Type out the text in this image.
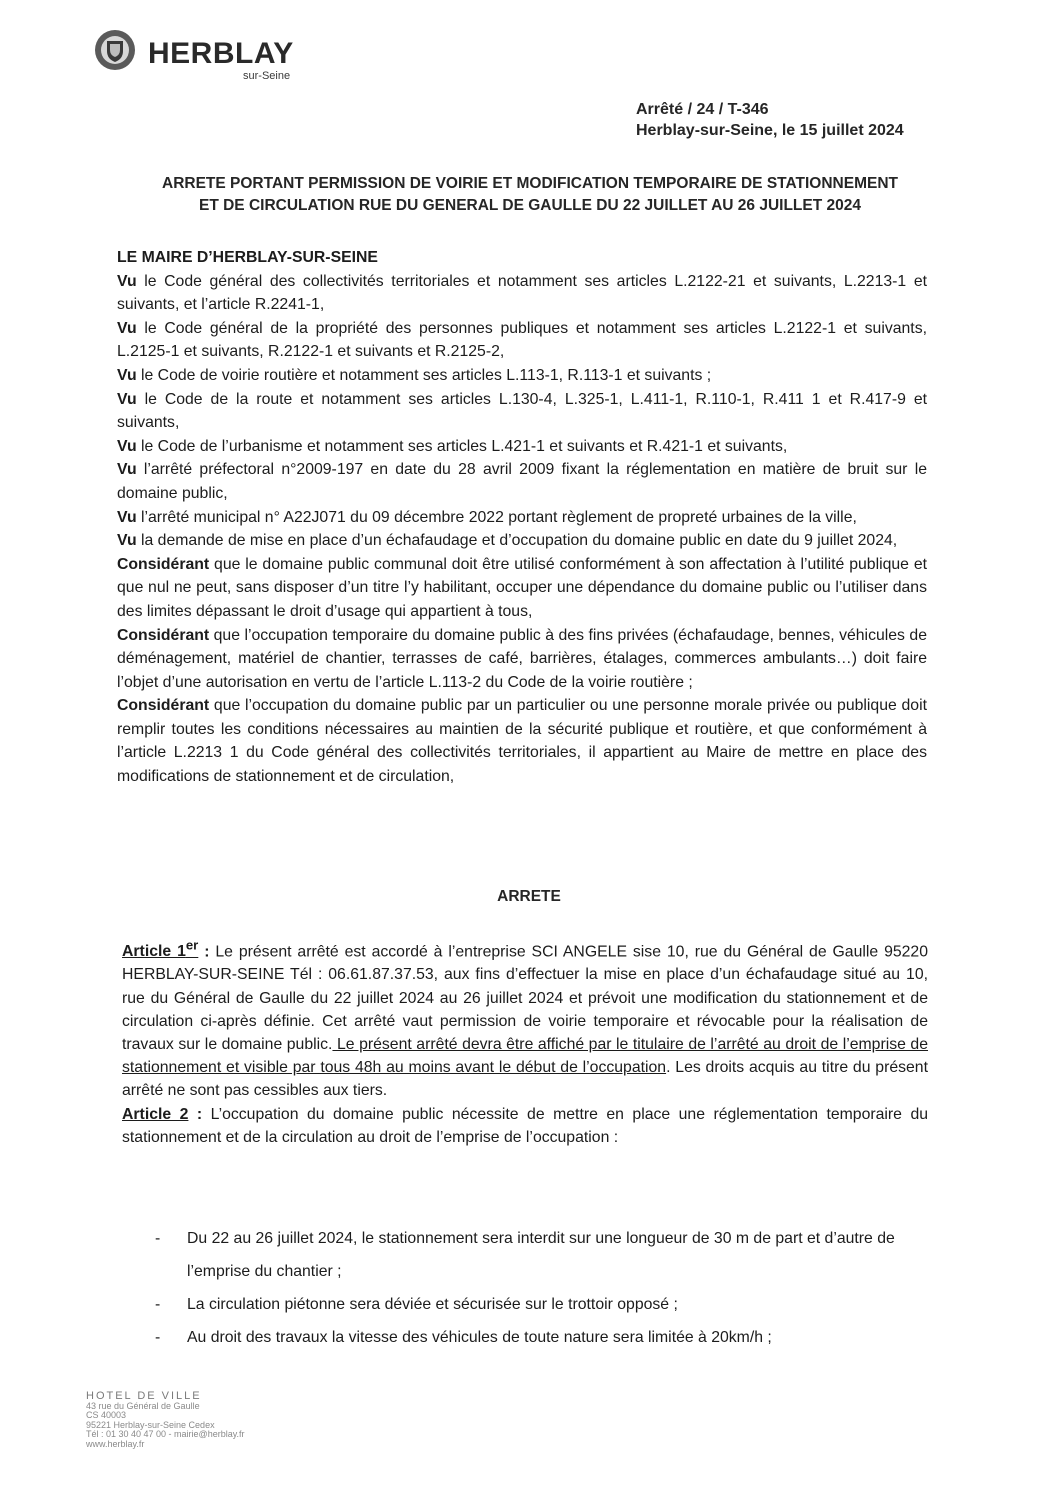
HERBLAY
sur-Seine
Arrêté / 24 / T-346
Herblay-sur-Seine, le 15 juillet 2024
ARRETE PORTANT PERMISSION DE VOIRIE ET MODIFICATION TEMPORAIRE DE STATIONNEMENT
ET DE CIRCULATION RUE DU GENERAL DE GAULLE DU 22 JUILLET AU 26 JUILLET 2024

LE MAIRE D’HERBLAY-SUR-SEINE

Vu le Code général des collectivités territoriales et notamment ses articles L.2122-21 et suivants, L.2213-1 et suivants, et l’article R.2241-1,

Vu le Code général de la propriété des personnes publiques et notamment ses articles L.2122-1 et suivants, L.2125-1 et suivants, R.2122-1 et suivants et R.2125-2,

Vu le Code de voirie routière et notamment ses articles L.113-1, R.113-1 et suivants ;

Vu le Code de la route et notamment ses articles L.130-4, L.325-1, L.411-1, R.110-1, R.411 1 et R.417-9 et suivants,

Vu le Code de l’urbanisme et notamment ses articles L.421-1 et suivants et R.421-1 et suivants,

Vu l’arrêté préfectoral n°2009-197 en date du 28 avril 2009 fixant la réglementation en matière de bruit sur le domaine public,

Vu l’arrêté municipal n° A22J071 du 09 décembre 2022 portant règlement de propreté urbaines de la ville,

Vu la demande de mise en place d’un échafaudage et d’occupation du domaine public en date du 9 juillet 2024,

Considérant que le domaine public communal doit être utilisé conformément à son affectation à l’utilité publique et que nul ne peut, sans disposer d’un titre l’y habilitant, occuper une dépendance du domaine public ou l’utiliser dans des limites dépassant le droit d’usage qui appartient à tous,

Considérant que l’occupation temporaire du domaine public à des fins privées (échafaudage, bennes, véhicules de déménagement, matériel de chantier, terrasses de café, barrières, étalages, commerces ambulants…) doit faire l’objet d’une autorisation en vertu de l’article L.113-2 du Code de la voirie routière ;

Considérant que l’occupation du domaine public par un particulier ou une personne morale privée ou publique doit remplir toutes les conditions nécessaires au maintien de la sécurité publique et routière, et que conformément à l’article L.2213 1 du Code général des collectivités territoriales, il appartient au Maire de mettre en place des modifications de stationnement et de circulation,

ARRETE

Article 1er : Le présent arrêté est accordé à l’entreprise SCI ANGELE sise 10, rue du Général de Gaulle 95220 HERBLAY-SUR-SEINE Tél : 06.61.87.37.53, aux fins d’effectuer la mise en place d’un échafaudage situé au 10, rue du Général de Gaulle du 22 juillet 2024 au 26 juillet 2024 et prévoit une modification du stationnement et de circulation ci-après définie. Cet arrêté vaut permission de voirie temporaire et révocable pour la réalisation de travaux sur le domaine public. Le présent arrêté devra être affiché par le titulaire de l’arrêté au droit de l’emprise de stationnement et visible par tous 48h au moins avant le début de l’occupation. Les droits acquis au titre du présent arrêté ne sont pas cessibles aux tiers.

Article 2 : L’occupation du domaine public nécessite de mettre en place une réglementation temporaire du stationnement et de la circulation au droit de l’emprise de l’occupation :

- Du 22 au 26 juillet 2024, le stationnement sera interdit sur une longueur de 30 m de part et d’autre de l’emprise du chantier ;
- La circulation piétonne sera déviée et sécurisée sur le trottoir opposé ;
- Au droit des travaux la vitesse des véhicules de toute nature sera limitée à 20km/h ;
HOTEL DE VILLE
43 rue du Général de Gaulle
CS 40003
95221 Herblay-sur-Seine Cedex
Tél : 01 30 40 47 00 - mairie@herblay.fr
www.herblay.fr
